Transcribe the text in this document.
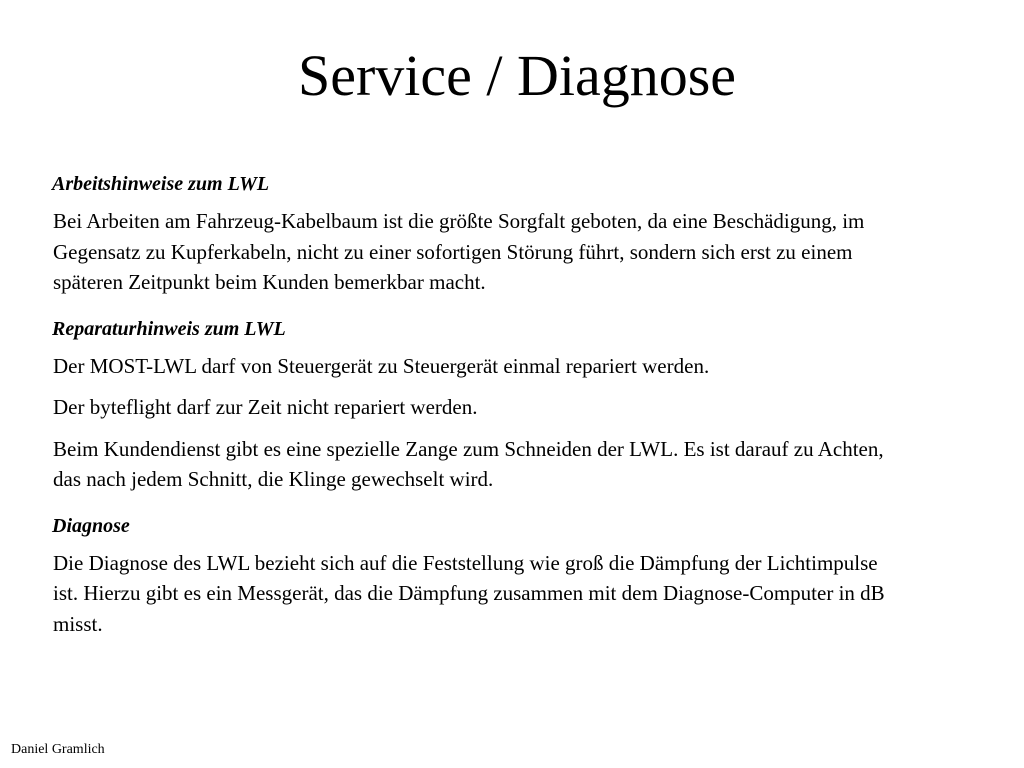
Service / Diagnose
Arbeitshinweise zum LWL

Bei Arbeiten am Fahrzeug-Kabelbaum ist die größte Sorgfalt geboten, da eine Beschädigung, im Gegensatz zu Kupferkabeln, nicht zu einer sofortigen Störung führt, sondern sich erst zu einem späteren Zeitpunkt beim Kunden bemerkbar macht.

Reparaturhinweis zum LWL

Der MOST-LWL darf von Steuergerät zu Steuergerät einmal repariert werden.

Der byteflight darf zur Zeit nicht repariert werden.

Beim Kundendienst gibt es eine spezielle Zange zum Schneiden der LWL. Es ist darauf zu Achten, das nach jedem Schnitt, die Klinge gewechselt wird.

Diagnose

Die Diagnose des LWL bezieht sich auf die Feststellung wie groß die Dämpfung der Lichtimpulse ist. Hierzu gibt es ein Messgerät, das die Dämpfung zusammen mit dem Diagnose-Computer in dB misst.

Daniel Gramlich
